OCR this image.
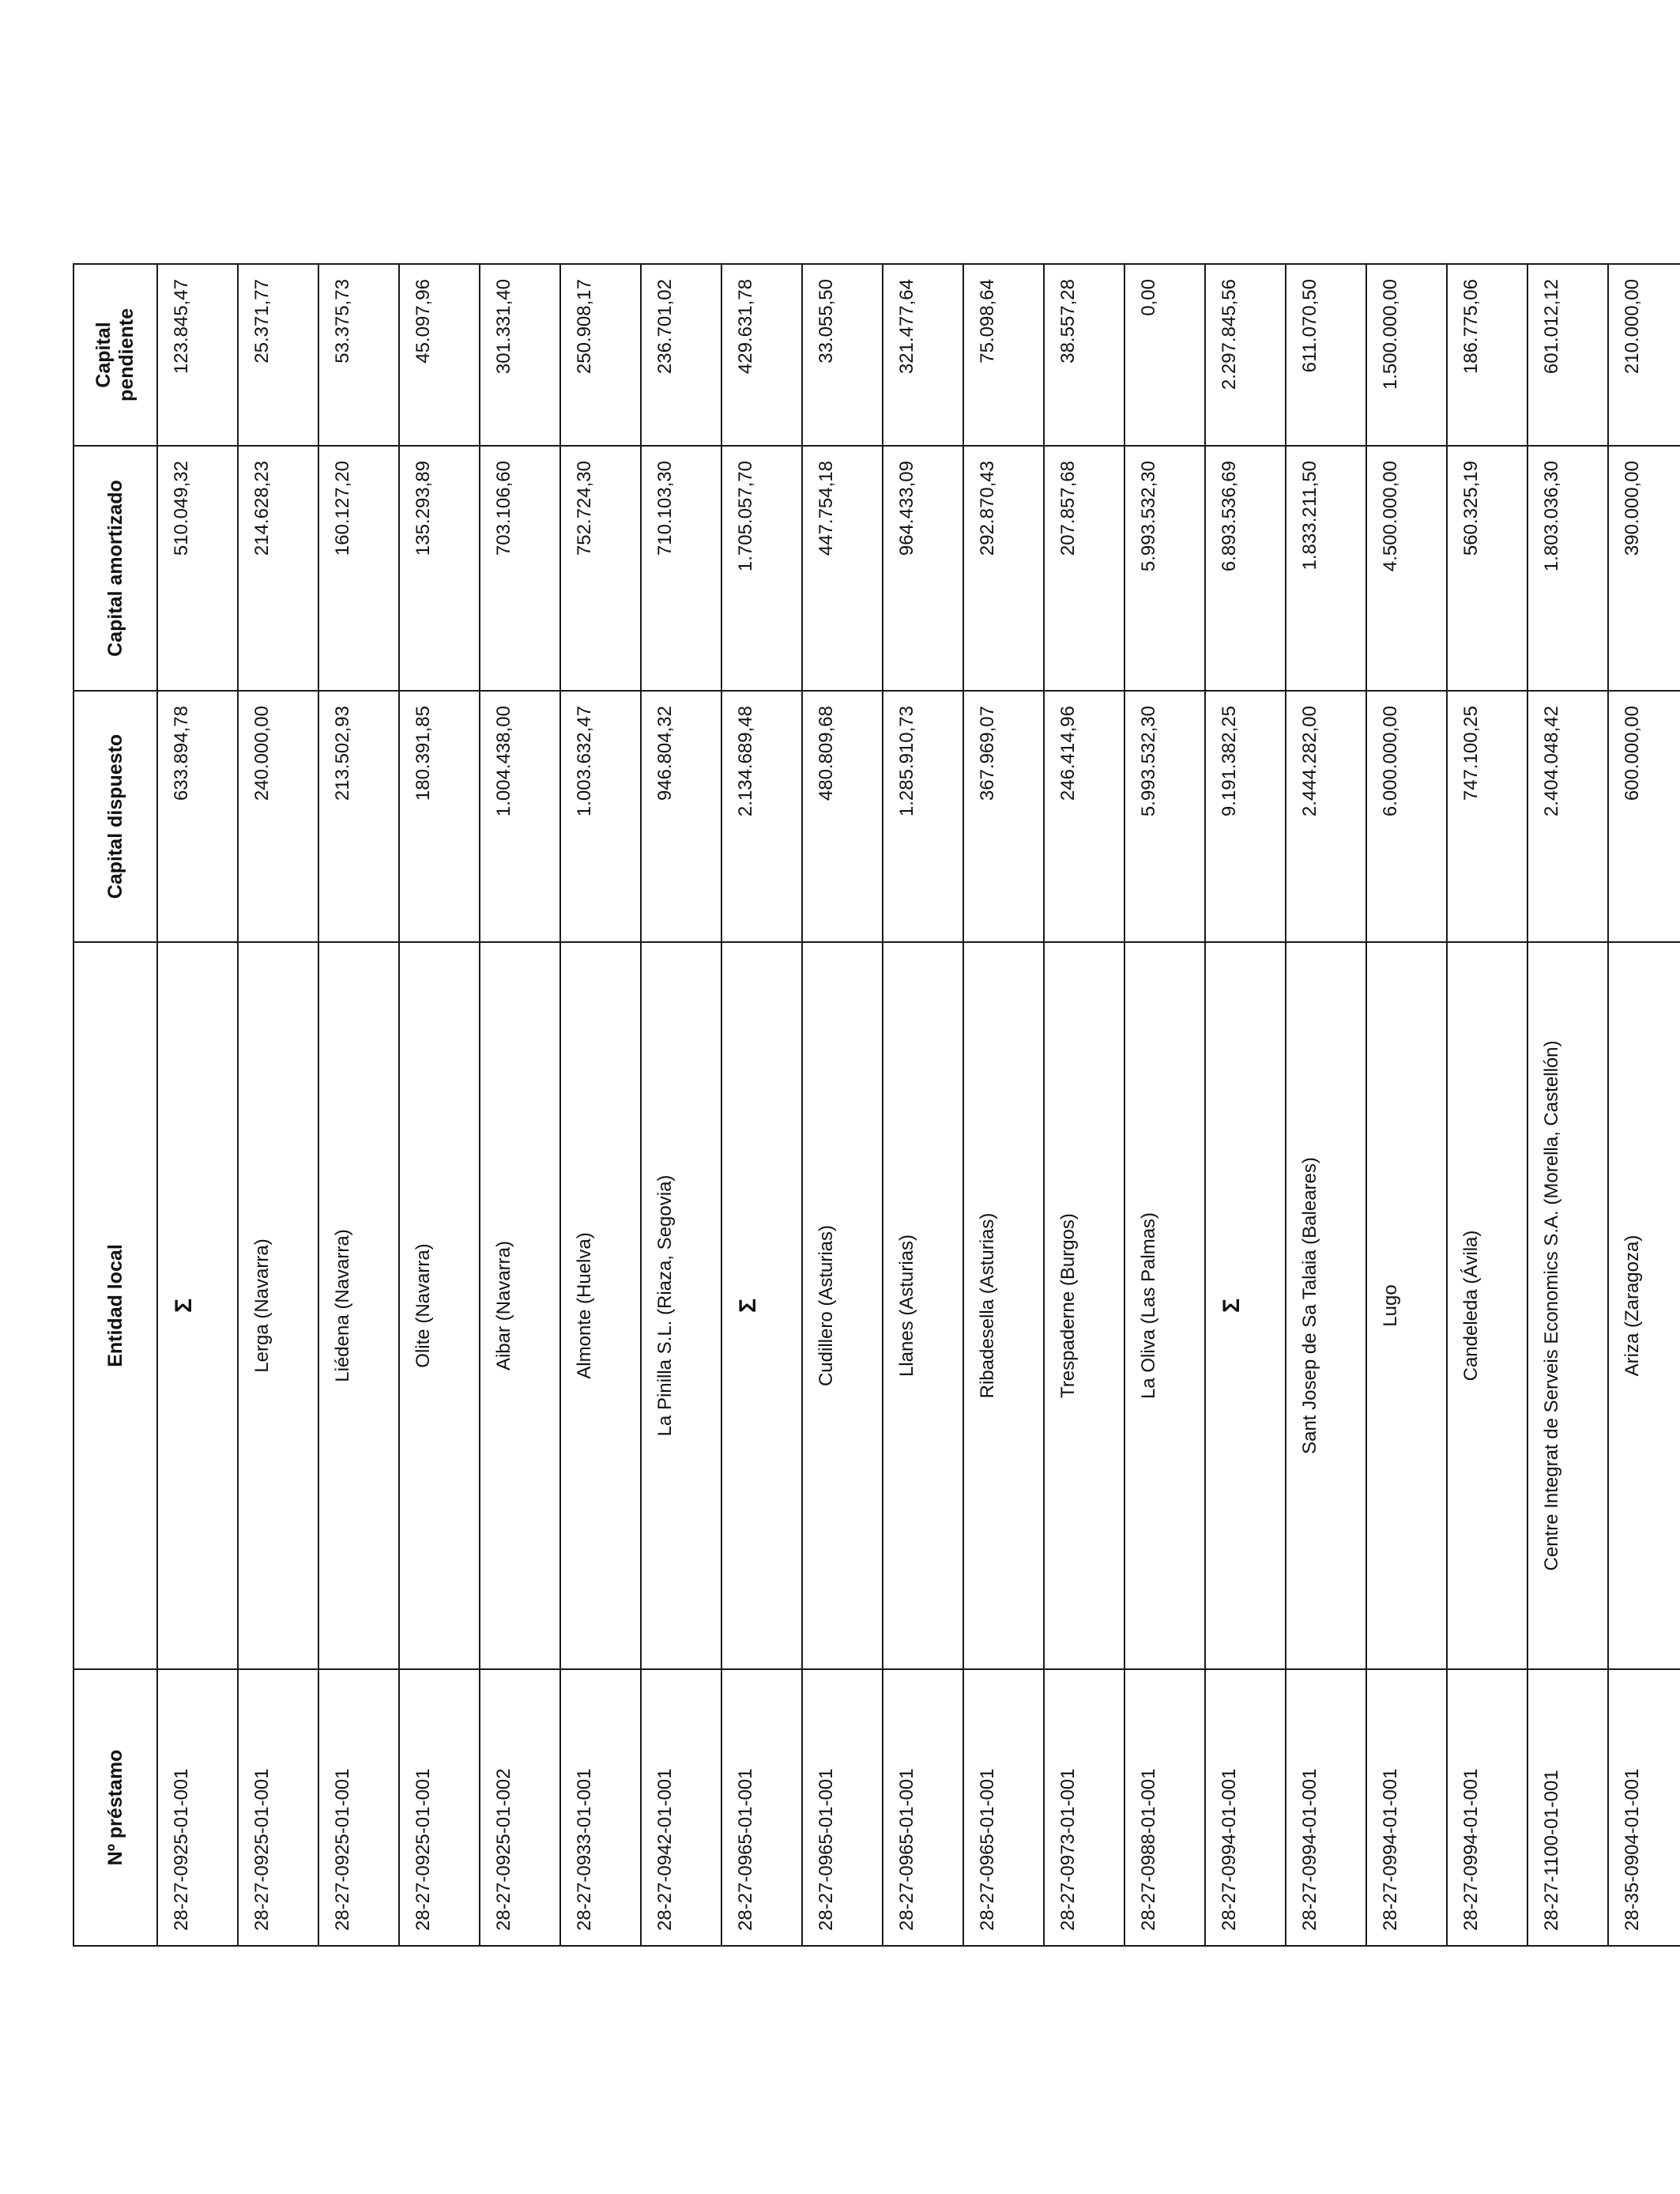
Nº préstamo	Entidad local	Capital dispuesto	Capital amortizado	Capital pendiente
28-27-0925-01-001	Σ	633.894,78	510.049,32	123.845,47
28-27-0925-01-001	Lerga (Navarra)	240.000,00	214.628,23	25.371,77
28-27-0925-01-001	Liédena (Navarra)	213.502,93	160.127,20	53.375,73
28-27-0925-01-001	Olite (Navarra)	180.391,85	135.293,89	45.097,96
28-27-0925-01-002	Aibar (Navarra)	1.004.438,00	703.106,60	301.331,40
28-27-0933-01-001	Almonte (Huelva)	1.003.632,47	752.724,30	250.908,17
28-27-0942-01-001	La Pinilla S.L. (Riaza, Segovia)	946.804,32	710.103,30	236.701,02
28-27-0965-01-001	Σ	2.134.689,48	1.705.057,70	429.631,78
28-27-0965-01-001	Cudillero (Asturias)	480.809,68	447.754,18	33.055,50
28-27-0965-01-001	Llanes (Asturias)	1.285.910,73	964.433,09	321.477,64
28-27-0965-01-001	Ribadesella (Asturias)	367.969,07	292.870,43	75.098,64
28-27-0973-01-001	Trespaderne (Burgos)	246.414,96	207.857,68	38.557,28
28-27-0988-01-001	La Oliva (Las Palmas)	5.993.532,30	5.993.532,30	0,00
28-27-0994-01-001	Σ	9.191.382,25	6.893.536,69	2.297.845,56
28-27-0994-01-001	Sant Josep de Sa Talaia (Baleares)	2.444.282,00	1.833.211,50	611.070,50
28-27-0994-01-001	Lugo	6.000.000,00	4.500.000,00	1.500.000,00
28-27-0994-01-001	Candeleda (Ávila)	747.100,25	560.325,19	186.775,06
28-27-1100-01-001	Centre Integrat de Serveis Economics S.A. (Morella, Castellón)	2.404.048,42	1.803.036,30	601.012,12
28-35-0904-01-001	Ariza (Zaragoza)	600.000,00	390.000,00	210.000,00
